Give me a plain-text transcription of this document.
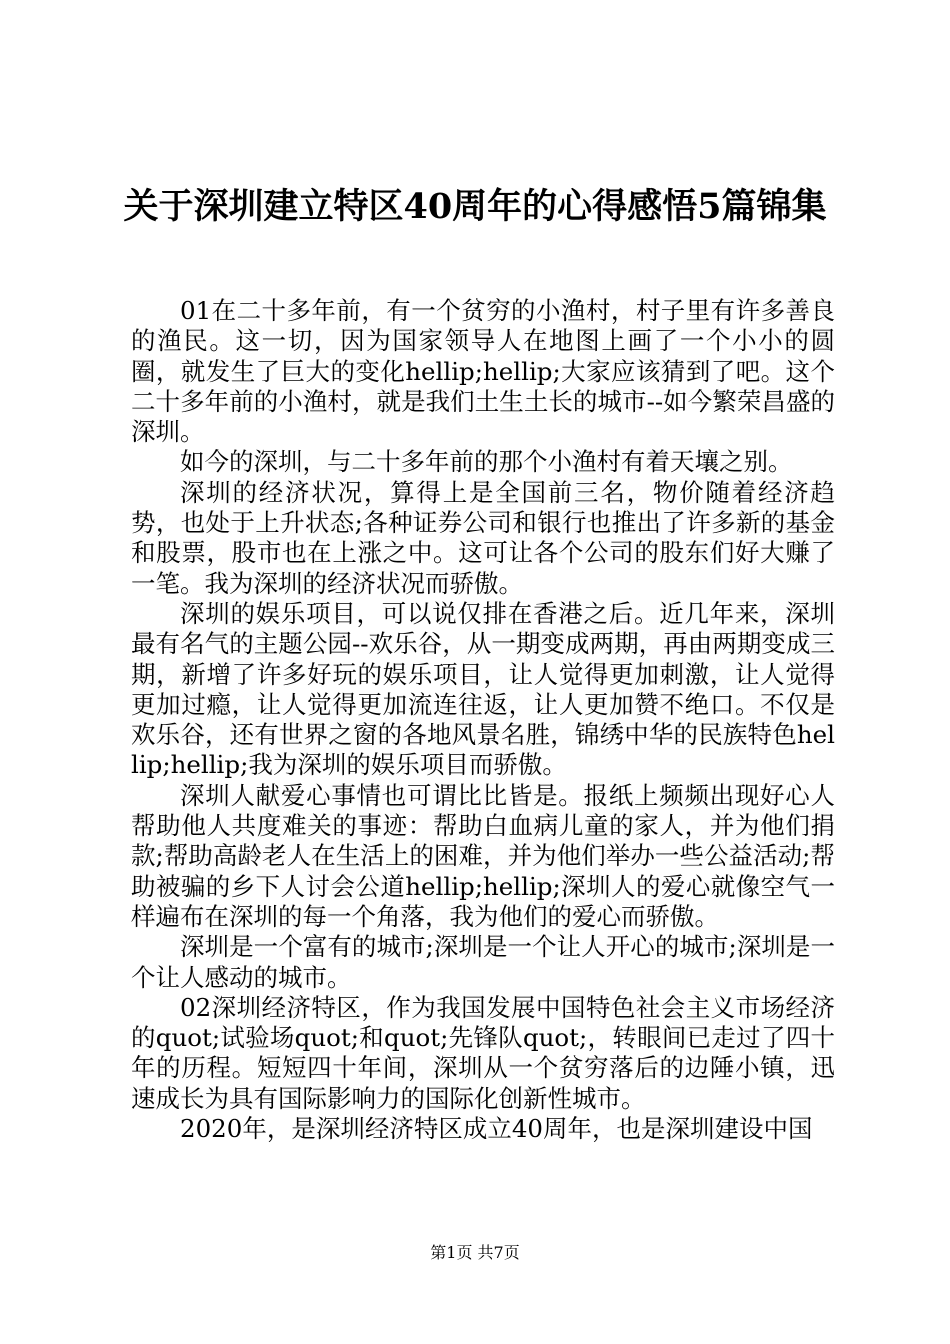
关于深圳建立特区40周年的心得感悟5篇锦集

01在二十多年前，有一个贫穷的小渔村，村子里有许多善良的渔民。这一切，因为国家领导人在地图上画了一个小小的圆圈，就发生了巨大的变化hellip;hellip;大家应该猜到了吧。这个二十多年前的小渔村，就是我们土生土长的城市--如今繁荣昌盛的深圳。

如今的深圳，与二十多年前的那个小渔村有着天壤之别。

深圳的经济状况，算得上是全国前三名，物价随着经济趋势，也处于上升状态;各种证券公司和银行也推出了许多新的基金和股票，股市也在上涨之中。这可让各个公司的股东们好大赚了一笔。我为深圳的经济状况而骄傲。

深圳的娱乐项目，可以说仅排在香港之后。近几年来，深圳最有名气的主题公园--欢乐谷，从一期变成两期，再由两期变成三期，新增了许多好玩的娱乐项目，让人觉得更加刺激，让人觉得更加过瘾，让人觉得更加流连往返，让人更加赞不绝口。不仅是欢乐谷，还有世界之窗的各地风景名胜，锦绣中华的民族特色hellip;hellip;我为深圳的娱乐项目而骄傲。

深圳人献爱心事情也可谓比比皆是。报纸上频频出现好心人帮助他人共度难关的事迹：帮助白血病儿童的家人，并为他们捐款;帮助高龄老人在生活上的困难，并为他们举办一些公益活动;帮助被骗的乡下人讨会公道hellip;hellip;深圳人的爱心就像空气一样遍布在深圳的每一个角落，我为他们的爱心而骄傲。

深圳是一个富有的城市;深圳是一个让人开心的城市;深圳是一个让人感动的城市。

02深圳经济特区，作为我国发展中国特色社会主义市场经济的quot;试验场quot;和quot;先锋队quot;，转眼间已走过了四十年的历程。短短四十年间，深圳从一个贫穷落后的边陲小镇，迅速成长为具有国际影响力的国际化创新性城市。

2020年，是深圳经济特区成立40周年，也是深圳建设中国

第1页 共7页
